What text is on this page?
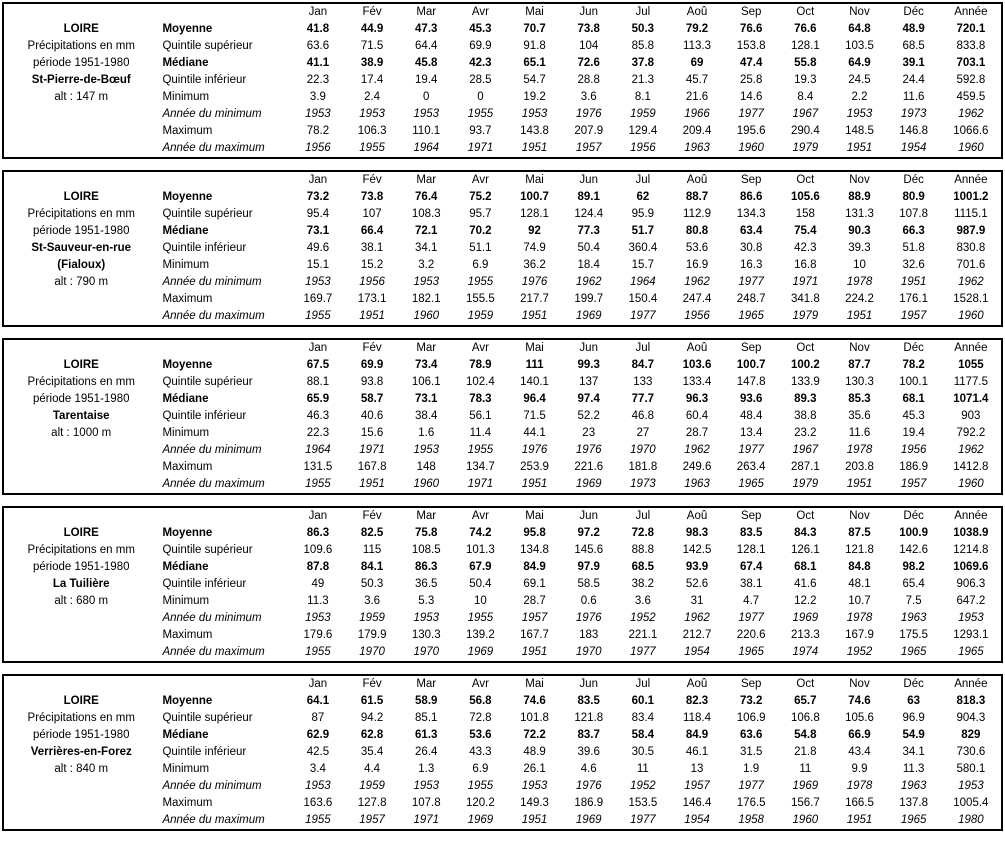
		Jan	Fév	Mar	Avr	Mai	Jun	Jul	Aoû	Sep	Oct	Nov	Déc	Année
LOIRE	Moyenne	41.8	44.9	47.3	45.3	70.7	73.8	50.3	79.2	76.6	76.6	64.8	48.9	720.1
Précipitations en mm	Quintile supérieur	63.6	71.5	64.4	69.9	91.8	104	85.8	113.3	153.8	128.1	103.5	68.5	833.8
période 1951-1980	Médiane	41.1	38.9	45.8	42.3	65.1	72.6	37.8	69	47.4	55.8	64.9	39.1	703.1
St-Pierre-de-Bœuf	Quintile inférieur	22.3	17.4	19.4	28.5	54.7	28.8	21.3	45.7	25.8	19.3	24.5	24.4	592.8
alt : 147 m	Minimum	3.9	2.4	0	0	19.2	3.6	8.1	21.6	14.6	8.4	2.2	11.6	459.5
	Année du minimum	1953	1953	1953	1955	1953	1976	1959	1966	1977	1967	1953	1973	1962
	Maximum	78.2	106.3	110.1	93.7	143.8	207.9	129.4	209.4	195.6	290.4	148.5	146.8	1066.6
	Année du maximum	1956	1955	1964	1971	1951	1957	1956	1963	1960	1979	1951	1954	1960
		Jan	Fév	Mar	Avr	Mai	Jun	Jul	Aoû	Sep	Oct	Nov	Déc	Année
LOIRE	Moyenne	73.2	73.8	76.4	75.2	100.7	89.1	62	88.7	86.6	105.6	88.9	80.9	1001.2
Précipitations en mm	Quintile supérieur	95.4	107	108.3	95.7	128.1	124.4	95.9	112.9	134.3	158	131.3	107.8	1115.1
période 1951-1980	Médiane	73.1	66.4	72.1	70.2	92	77.3	51.7	80.8	63.4	75.4	90.3	66.3	987.9
St-Sauveur-en-rue	Quintile inférieur	49.6	38.1	34.1	51.1	74.9	50.4	360.4	53.6	30.8	42.3	39.3	51.8	830.8
(Fialoux)	Minimum	15.1	15.2	3.2	6.9	36.2	18.4	15.7	16.9	16.3	16.8	10	32.6	701.6
alt : 790 m	Année du minimum	1953	1956	1953	1955	1976	1962	1964	1962	1977	1971	1978	1951	1962
	Maximum	169.7	173.1	182.1	155.5	217.7	199.7	150.4	247.4	248.7	341.8	224.2	176.1	1528.1
	Année du maximum	1955	1951	1960	1959	1951	1969	1977	1956	1965	1979	1951	1957	1960
		Jan	Fév	Mar	Avr	Mai	Jun	Jul	Aoû	Sep	Oct	Nov	Déc	Année
LOIRE	Moyenne	67.5	69.9	73.4	78.9	111	99.3	84.7	103.6	100.7	100.2	87.7	78.2	1055
Précipitations en mm	Quintile supérieur	88.1	93.8	106.1	102.4	140.1	137	133	133.4	147.8	133.9	130.3	100.1	1177.5
période 1951-1980	Médiane	65.9	58.7	73.1	78.3	96.4	97.4	77.7	96.3	93.6	89.3	85.3	68.1	1071.4
Tarentaise	Quintile inférieur	46.3	40.6	38.4	56.1	71.5	52.2	46.8	60.4	48.4	38.8	35.6	45.3	903
alt : 1000 m	Minimum	22.3	15.6	1.6	11.4	44.1	23	27	28.7	13.4	23.2	11.6	19.4	792.2
	Année du minimum	1964	1971	1953	1955	1976	1976	1970	1962	1977	1967	1978	1956	1962
	Maximum	131.5	167.8	148	134.7	253.9	221.6	181.8	249.6	263.4	287.1	203.8	186.9	1412.8
	Année du maximum	1955	1951	1960	1971	1951	1969	1973	1963	1965	1979	1951	1957	1960
		Jan	Fév	Mar	Avr	Mai	Jun	Jul	Aoû	Sep	Oct	Nov	Déc	Année
LOIRE	Moyenne	86.3	82.5	75.8	74.2	95.8	97.2	72.8	98.3	83.5	84.3	87.5	100.9	1038.9
Précipitations en mm	Quintile supérieur	109.6	115	108.5	101.3	134.8	145.6	88.8	142.5	128.1	126.1	121.8	142.6	1214.8
période 1951-1980	Médiane	87.8	84.1	86.3	67.9	84.9	97.9	68.5	93.9	67.4	68.1	84.8	98.2	1069.6
La Tuilière	Quintile inférieur	49	50.3	36.5	50.4	69.1	58.5	38.2	52.6	38.1	41.6	48.1	65.4	906.3
alt : 680 m	Minimum	11.3	3.6	5.3	10	28.7	0.6	3.6	31	4.7	12.2	10.7	7.5	647.2
	Année du minimum	1953	1959	1953	1955	1957	1976	1952	1962	1977	1969	1978	1963	1953
	Maximum	179.6	179.9	130.3	139.2	167.7	183	221.1	212.7	220.6	213.3	167.9	175.5	1293.1
	Année du maximum	1955	1970	1970	1969	1951	1970	1977	1954	1965	1974	1952	1965	1965
		Jan	Fév	Mar	Avr	Mai	Jun	Jul	Aoû	Sep	Oct	Nov	Déc	Année
LOIRE	Moyenne	64.1	61.5	58.9	56.8	74.6	83.5	60.1	82.3	73.2	65.7	74.6	63	818.3
Précipitations en mm	Quintile supérieur	87	94.2	85.1	72.8	101.8	121.8	83.4	118.4	106.9	106.8	105.6	96.9	904.3
période 1951-1980	Médiane	62.9	62.8	61.3	53.6	72.2	83.7	58.4	84.9	63.6	54.8	66.9	54.9	829
Verrières-en-Forez	Quintile inférieur	42.5	35.4	26.4	43.3	48.9	39.6	30.5	46.1	31.5	21.8	43.4	34.1	730.6
alt : 840 m	Minimum	3.4	4.4	1.3	6.9	26.1	4.6	11	13	1.9	11	9.9	11.3	580.1
	Année du minimum	1953	1959	1953	1955	1953	1976	1952	1957	1977	1969	1978	1963	1953
	Maximum	163.6	127.8	107.8	120.2	149.3	186.9	153.5	146.4	176.5	156.7	166.5	137.8	1005.4
	Année du maximum	1955	1957	1971	1969	1951	1969	1977	1954	1958	1960	1951	1965	1980
